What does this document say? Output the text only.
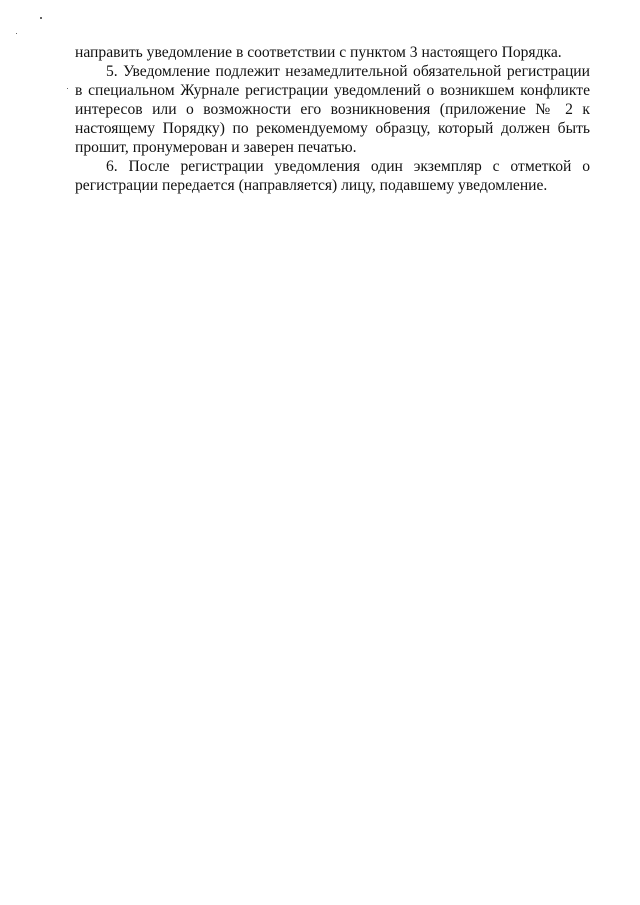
направить уведомление в соответствии с пунктом 3 настоящего Порядка.

5. Уведомление подлежит незамедлительной обязательной регистрации в специальном Журнале регистрации уведомлений о возникшем конфликте интересов или о возможности его возникновения (приложение № 2 к настоящему Порядку) по рекомендуемому образцу, который должен быть прошит, пронумерован и заверен печатью.

6. После регистрации уведомления один экземпляр с отметкой о регистрации передается (направляется) лицу, подавшему уведомление.
